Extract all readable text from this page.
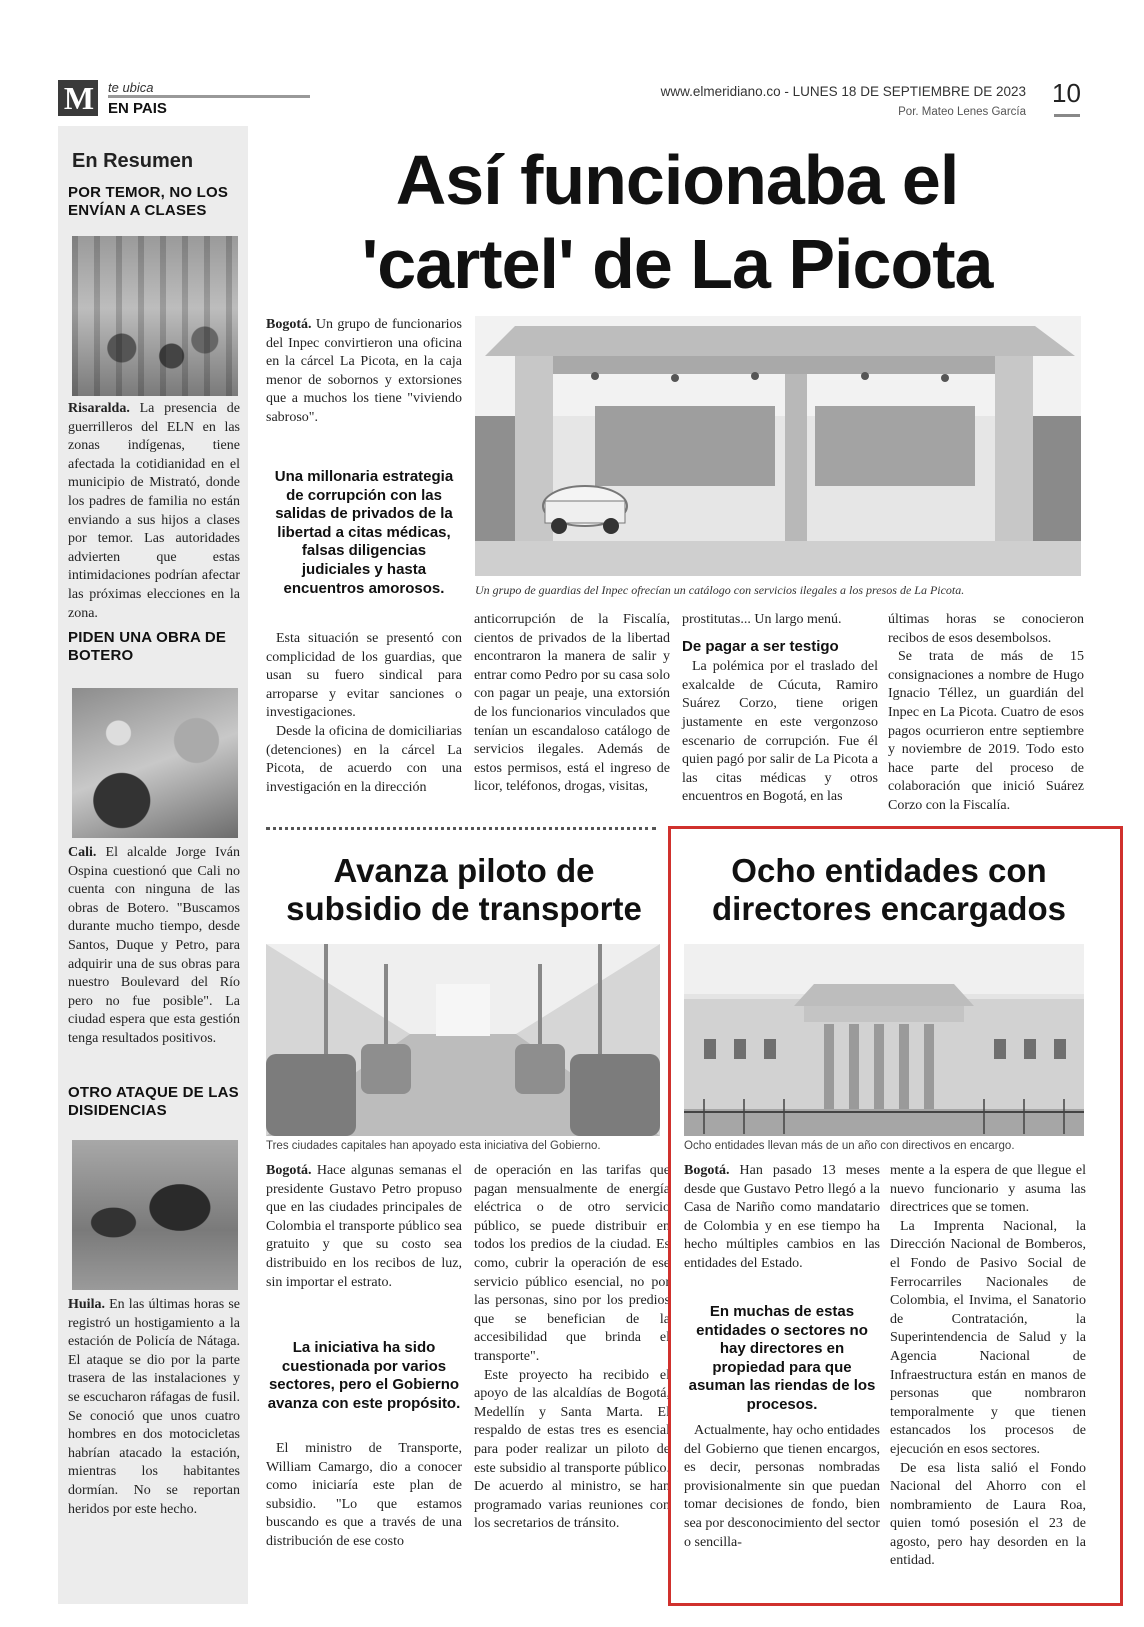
M	te ubica
EN PAIS
www.elmeridiano.co - LUNES 18 DE SEPTIEMBRE DE 2023
Por. Mateo Lenes García
10
En Resumen
POR TEMOR, NO LOS ENVÍAN A CLASES

Risaralda. La presencia de guerrilleros del ELN en las zonas indígenas, tiene afectada la cotidianidad en el municipio de Mistrató, donde los padres de familia no están enviando a sus hijos a clases por temor. Las autoridades advierten que estas intimidaciones podrían afectar las próximas elecciones en la zona.

PIDEN UNA OBRA DE BOTERO

Cali. El alcalde Jorge Iván Ospina cuestionó que Cali no cuenta con ninguna de las obras de Botero. "Buscamos durante mucho tiempo, desde Santos, Duque y Petro, para adquirir una de sus obras para nuestro Boulevard del Río pero no fue posible". La ciudad espera que esta gestión tenga resultados positivos.

OTRO ATAQUE DE LAS DISIDENCIAS

Huila. En las últimas horas se registró un hostigamiento a la estación de Policía de Nátaga. El ataque se dio por la parte trasera de las instalaciones y se escucharon ráfagas de fusil. Se conoció que unos cuatro hombres en dos motocicletas habrían atacado la estación, mientras los habitantes dormían. No se reportan heridos por este hecho.

Así funcionaba el
'cartel' de La Picota

Bogotá. Un grupo de funcionarios del Inpec convirtieron una oficina en la cárcel La Picota, en la caja menor de sobornos y extorsiones que a muchos los tiene "viviendo sabroso".

Una millonaria estrategia de corrupción con las salidas de privados de la libertad a citas médicas, falsas diligencias judiciales y hasta encuentros amorosos.	Un grupo de guardias del Inpec ofrecían un catálogo con servicios ilegales a los presos de La Picota.

Esta situación se presentó con complicidad de los guardias, que usan su fuero sindical para arroparse y evitar sanciones o investigaciones.

Desde la oficina de domiciliarias (detenciones) en la cárcel La Picota, de acuerdo con una investigación en la dirección

anticorrupción de la Fiscalía, cientos de privados de la libertad encontraron la manera de salir y entrar como Pedro por su casa solo con pagar un peaje, una extorsión de los funcionarios vinculados que tenían un escandaloso catálogo de servicios ilegales. Además de estos permisos, está el ingreso de licor, teléfonos, drogas, visitas,

prostitutas... Un largo menú.

De pagar a ser testigo

La polémica por el traslado del exalcalde de Cúcuta, Ramiro Suárez Corzo, tiene origen justamente en este vergonzoso escenario de corrupción. Fue él quien pagó por salir de La Picota a las citas médicas y otros encuentros en Bogotá, en las

últimas horas se conocieron recibos de esos desembolsos.

Se trata de más de 15 consignaciones a nombre de Hugo Ignacio Téllez, un guardián del Inpec en La Picota. Cuatro de esos pagos ocurrieron entre septiembre y noviembre de 2019. Todo esto hace parte del proceso de colaboración que inició Suárez Corzo con la Fiscalía.

Avanza piloto de subsidio de transporte
Tres ciudades capitales han apoyado esta iniciativa del Gobierno.

Bogotá. Hace algunas semanas el presidente Gustavo Petro propuso que en las ciudades principales de Colombia el transporte público sea gratuito y que su costo sea distribuido en los recibos de luz, sin importar el estrato.

La iniciativa ha sido cuestionada por varios sectores, pero el Gobierno avanza con este propósito.

El ministro de Transporte, William Camargo, dio a conocer como iniciaría este plan de subsidio. "Lo que estamos buscando es que a través de una distribución de ese costo

de operación en las tarifas que pagan mensualmente de energía eléctrica o de otro servicio público, se puede distribuir en todos los predios de la ciudad. Es como, cubrir la operación de ese servicio público esencial, no por las personas, sino por los predios que se benefician de la accesibilidad que brinda el transporte".

Este proyecto ha recibido el apoyo de las alcaldías de Bogotá, Medellín y Santa Marta. El respaldo de estas tres es esencial para poder realizar un piloto de este subsidio al transporte público. De acuerdo al ministro, se han programado varias reuniones con los secretarios de tránsito.

Ocho entidades con directores encargados
Ocho entidades llevan más de un año con directivos en encargo.

Bogotá. Han pasado 13 meses desde que Gustavo Petro llegó a la Casa de Nariño como mandatario de Colombia y en ese tiempo ha hecho múltiples cambios en las entidades del Estado.

En muchas de estas entidades o sectores no hay directores en propiedad para que asuman las riendas de los procesos.

Actualmente, hay ocho entidades del Gobierno que tienen encargos, es decir, personas nombradas provisionalmente sin que puedan tomar decisiones de fondo, bien sea por desconocimiento del sector o sencilla-

mente a la espera de que llegue el nuevo funcionario y asuma las directrices que se tomen.

La Imprenta Nacional, la Dirección Nacional de Bomberos, el Fondo de Pasivo Social de Ferrocarriles Nacionales de Colombia, el Invima, el Sanatorio de Contratación, la Superintendencia de Salud y la Agencia Nacional de Infraestructura están en manos de personas que nombraron temporalmente y que tienen estancados los procesos de ejecución en esos sectores.

De esa lista salió el Fondo Nacional del Ahorro con el nombramiento de Laura Roa, quien tomó posesión el 23 de agosto, pero hay desorden en la entidad.
